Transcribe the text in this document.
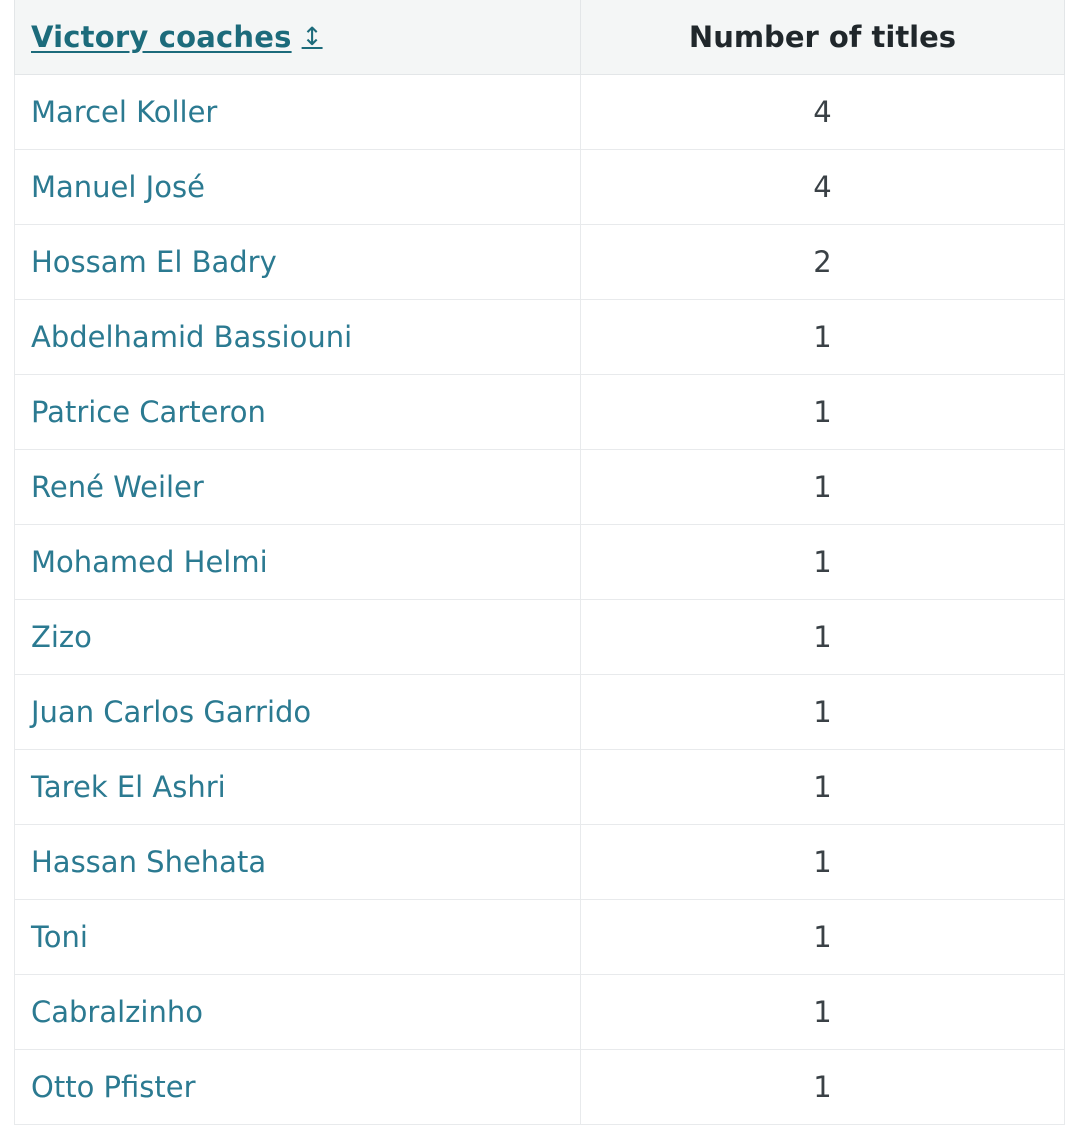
Victory coaches ↕	Number of titles
Marcel Koller	4
Manuel José	4
Hossam El Badry	2
Abdelhamid Bassiouni	1
Patrice Carteron	1
René Weiler	1
Mohamed Helmi	1
Zizo	1
Juan Carlos Garrido	1
Tarek El Ashri	1
Hassan Shehata	1
Toni	1
Cabralzinho	1
Otto Pfister	1
